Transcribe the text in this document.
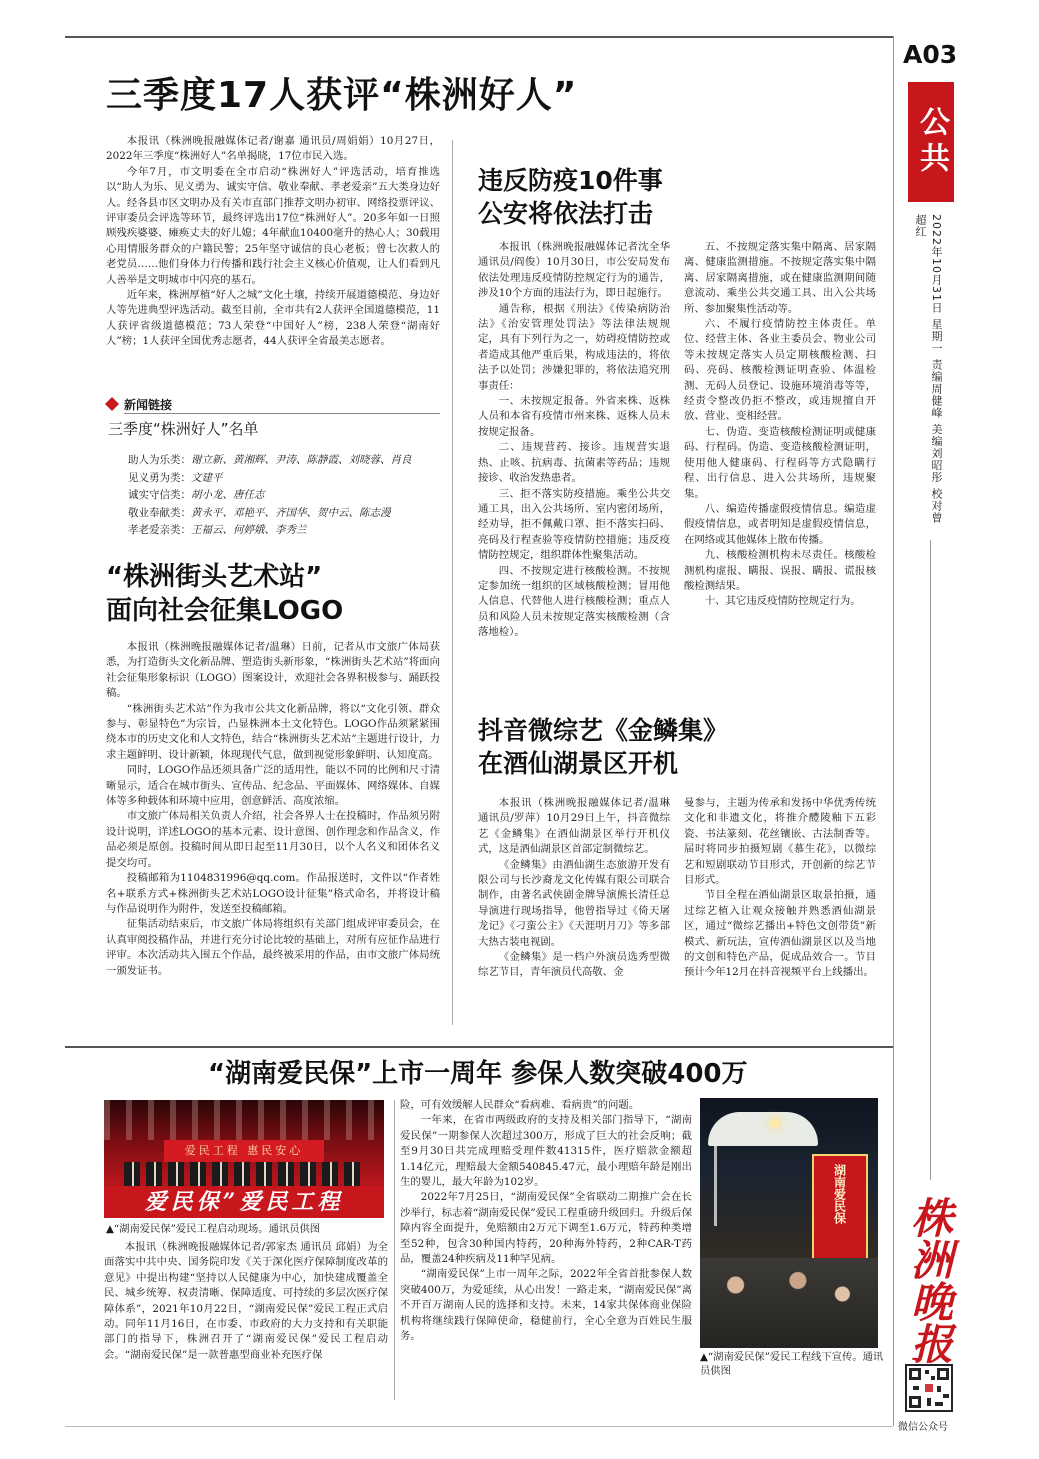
A03
公共
2022年10月31日 星期一 责编周健峰 美编刘昭彤 校对曾超红
株洲晚报
微信公众号
三季度17人获评“株洲好人”

本报讯（株洲晚报融媒体记者/谢嘉 通讯员/周娟娟）10月27日，2022年三季度“株洲好人”名单揭晓，17位市民入选。

今年7月，市文明委在全市启动“株洲好人”评选活动，培育推选以“助人为乐、见义勇为、诚实守信、敬业奉献、孝老爱亲”五大类身边好人。经各县市区文明办及有关市直部门推荐文明办初审、网络投票评议、评审委员会评选等环节，最终评选出17位“株洲好人”。20多年如一日照顾残疾婆婆、瘫痪丈夫的好儿媳；4年献血10400毫升的热心人；30载用心用情服务群众的户籍民警；25年坚守诚信的良心老板；曾七次救人的老党员……他们身体力行传播和践行社会主义核心价值观，让人们看到凡人善举是文明城市中闪亮的基石。

近年来，株洲厚植“好人之城”文化土壤，持续开展道德模范、身边好人等先进典型评选活动。截至目前，全市共有2人获评全国道德模范，11人获评省级道德模范；73人荣登“中国好人”榜，238人荣登“湖南好人”榜；1人获评全国优秀志愿者，44人获评全省最美志愿者。

新闻链接
三季度“株洲好人”名单
助人为乐类：谢立新、黄湘辉、尹涛、陈静霞、刘晓蓉、肖良
见义勇为类：文建平
诚实守信类：胡小龙、唐任志
敬业奉献类：黄永平、邓艳平、齐国华、贺中云、陈志漫
孝老爱亲类：王福云、何婷娥、李秀兰
“株洲街头艺术站”
面向社会征集LOGO

本报讯（株洲晚报融媒体记者/温琳）日前，记者从市文旅广体局获悉，为打造街头文化新品牌、塑造街头新形象，“株洲街头艺术站”将面向社会征集形象标识（LOGO）图案设计，欢迎社会各界积极参与、踊跃投稿。

“株洲街头艺术站”作为我市公共文化新品牌，将以“文化引领、群众参与、彰显特色”为宗旨，凸显株洲本土文化特色。LOGO作品须紧紧围绕本市的历史文化和人文特色，结合“株洲街头艺术站”主题进行设计，力求主题鲜明、设计新颖，体现现代气息，做到视觉形象鲜明、认知度高。

同时，LOGO作品还须具备广泛的适用性，能以不同的比例和尺寸清晰显示，适合在城市街头、宣传品、纪念品、平面媒体、网络媒体、自媒体等多种载体和环境中应用，创意鲜活、高度浓缩。

市文旅广体局相关负责人介绍，社会各界人士在投稿时，作品须另附设计说明，详述LOGO的基本元素、设计意图、创作理念和作品含义，作品必须是原创。投稿时间从即日起至11月30日，以个人名义和团体名义提交均可。

投稿邮箱为1104831996@qq.com。作品报送时，文件以“作者姓名+联系方式+株洲街头艺术站LOGO设计征集”格式命名，并将设计稿与作品说明作为附件，发送至投稿邮箱。

征集活动结束后，市文旅广体局将组织有关部门组成评审委员会，在认真审阅投稿作品，并进行充分讨论比较的基础上，对所有应征作品进行评审。本次活动共入围五个作品，最终被采用的作品，由市文旅广体局统一颁发证书。

违反防疫10件事
公安将依法打击

本报讯（株洲晚报融媒体记者沈全华 通讯员/阎俊）10月30日，市公安局发布依法处理违反疫情防控规定行为的通告，涉及10个方面的违法行为，即日起施行。

通告称，根据《刑法》《传染病防治法》《治安管理处罚法》等法律法规规定，具有下列行为之一，妨碍疫情防控或者造成其他严重后果，构成违法的，将依法予以处罚；涉嫌犯罪的，将依法追究刑事责任：

一、未按规定报备。外省来株、返株人员和本省有疫情市州来株、返株人员未按规定报备。

二、违规营药、接诊。违规营实退热、止咳、抗病毒、抗菌素等药品；违规接诊、收治发热患者。

三、拒不落实防疫措施。乘坐公共交通工具，出入公共场所、室内密闭场所，经劝导，拒不佩戴口罩、拒不落实扫码、亮码及行程查验等疫情防控措施；违反疫情防控规定，组织群体性聚集活动。

四、不按规定进行核酸检测。不按规定参加统一组织的区域核酸检测；冒用他人信息、代替他人进行核酸检测；重点人员和风险人员未按规定落实核酸检测（含落地检）。

五、不按规定落实集中隔离、居家隔离、健康监测措施。不按规定落实集中隔离、居家隔离措施，或在健康监测期间随意流动、乘坐公共交通工具、出入公共场所、参加聚集性活动等。

六、不履行疫情防控主体责任。单位、经营主体、各业主委员会、物业公司等未按规定落实人员定期核酸检测、扫码、亮码、核酸检测证明查验、体温检测、无码人员登记、设施环境消毒等等，经责令整改仍拒不整改，或违规擅自开放、营业、变相经营。

七、伪造、变造核酸检测证明或健康码、行程码。伪造、变造核酸检测证明，使用他人健康码、行程码等方式隐瞒行程、出行信息、进入公共场所，违规聚集。

八、编造传播虚假疫情信息。编造虚假疫情信息，或者明知是虚假疫情信息，在网络或其他媒体上散布传播。

九、核酸检测机构未尽责任。核酸检测机构虚报、瞒报、误报、瞒报、谎报核酸检测结果。

十、其它违反疫情防控规定行为。

抖音微综艺《金鳞集》
在酒仙湖景区开机

本报讯（株洲晚报融媒体记者/温琳 通讯员/罗萍）10月29日上午，抖音微综艺《金鳞集》在酒仙湖景区举行开机仪式，这是酒仙湖景区首部定制微综艺。

《金鳞集》由酒仙湖生态旅游开发有限公司与长沙裔龙文化传媒有限公司联合制作，由著名武侠剧金牌导演熊长清任总导演进行现场指导，他曾指导过《倚天屠龙记》《刁蛮公主》《天涯明月刀》等多部大热古装电视剧。

《金鳞集》是一档户外演员选秀型微综艺节目，青年演员代高敬、金

曼参与，主题为传承和发扬中华优秀传统文化和非遗文化，将推介醴陵釉下五彩瓷、书法篆刻、花丝镶嵌、古法制香等。届时将同步拍摄短剧《慕生花》，以微综艺和短剧联动节目形式，开创新的综艺节目形式。

节目全程在酒仙湖景区取景拍摄，通过综艺植入让观众接触并熟悉酒仙湖景区，通过“微综艺播出+特色文创带货”新模式、新玩法，宣传酒仙湖景区以及当地的文创和特色产品，促成品效合一。节目预计今年12月在抖音视频平台上线播出。

“湖南爱民保”上市一周年 参保人数突破400万
爱民工程 惠民安心
爱民保”爱民工程
▲“湖南爱民保”爱民工程启动现场。通讯员供图

本报讯（株洲晚报融媒体记者/郭家杰 通讯员 邱娟）为全面落实中共中央、国务院印发《关于深化医疗保障制度改革的意见》中提出构建“坚持以人民健康为中心，加快建成覆盖全民、城乡统筹、权责清晰、保障适度、可持续的多层次医疗保障体系”，2021年10月22日，“湖南爱民保”爱民工程正式启动。同年11月16日，在市委、市政府的大力支持和有关职能部门的指导下，株洲召开了“湖南爱民保”爱民工程启动会。“湖南爱民保”是一款普惠型商业补充医疗保

险，可有效缓解人民群众“看病难、看病贵”的问题。

一年来，在省市两级政府的支持及相关部门指导下，“湖南爱民保”一期参保人次超过300万，形成了巨大的社会反响；截至9月30日共完成理赔受理件数41315件，医疗赔款金额超1.14亿元，理赔最大金额540845.47元，最小理赔年龄是刚出生的婴儿，最大年龄为102岁。

2022年7月25日，“湖南爱民保”全省联动二期推广会在长沙举行，标志着“湖南爱民保”爱民工程重磅升级回归。升级后保障内容全面提升，免赔额由2万元下调至1.6万元，特药种类增至52种，包含30种国内特药，20种海外特药，2种CAR-T药品，覆盖24种疾病及11种罕见病。

“湖南爱民保”上市一周年之际，2022年全省首批参保人数突破400万，为爱延续，从心出发！一路走来，“湖南爱民保”离不开百万湖南人民的选择和支持。未来，14家共保体商业保险机构将继续践行保障使命，稳健前行，全心全意为百姓民生服务。

湖南爱民保
▲“湖南爱民保”爱民工程线下宣传。通讯员供图
